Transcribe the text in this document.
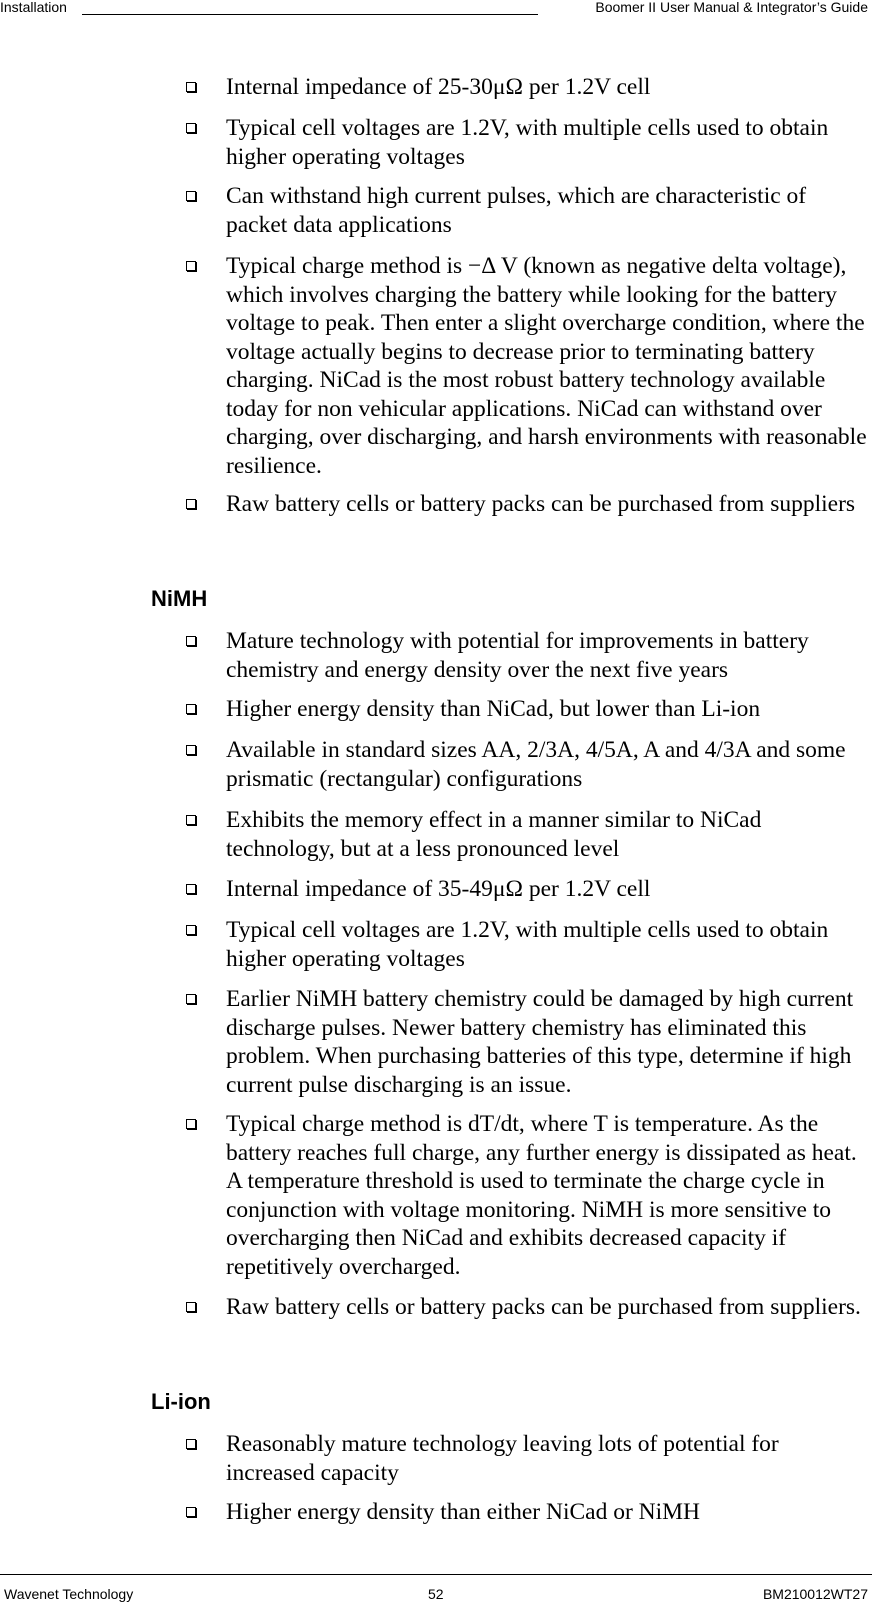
Installation	Boomer II User Manual & Integrator’s Guide
Internal impedance of 25-30μΩ per 1.2V cell
Typical cell voltages are 1.2V, with multiple cells used to obtain higher operating voltages
Can withstand high current pulses, which are characteristic of packet data applications
Typical charge method is −Δ V (known as negative delta voltage), which involves charging the battery while looking for the battery voltage to peak. Then enter a slight overcharge condition, where the voltage actually begins to decrease prior to terminating battery charging. NiCad is the most robust battery technology available today for non vehicular applications. NiCad can withstand over charging, over discharging, and harsh environments with reasonable resilience.
Raw battery cells or battery packs can be purchased from suppliers
NiMH
Mature technology with potential for improvements in battery chemistry and energy density over the next five years
Higher energy density than NiCad, but lower than Li-ion
Available in standard sizes AA, 2/3A, 4/5A, A and 4/3A and some prismatic (rectangular) configurations
Exhibits the memory effect in a manner similar to NiCad technology, but at a less pronounced level
Internal impedance of 35-49μΩ per 1.2V cell
Typical cell voltages are 1.2V, with multiple cells used to obtain higher operating voltages
Earlier NiMH battery chemistry could be damaged by high current discharge pulses. Newer battery chemistry has eliminated this problem. When purchasing batteries of this type, determine if high current pulse discharging is an issue.
Typical charge method is dT/dt, where T is temperature. As the battery reaches full charge, any further energy is dissipated as heat. A temperature threshold is used to terminate the charge cycle in conjunction with voltage monitoring. NiMH is more sensitive to overcharging then NiCad and exhibits decreased capacity if repetitively overcharged.
Raw battery cells or battery packs can be purchased from suppliers.
Li-ion
Reasonably mature technology leaving lots of potential for increased capacity
Higher energy density than either NiCad or NiMH
Wavenet Technology	52	BM210012WT27
